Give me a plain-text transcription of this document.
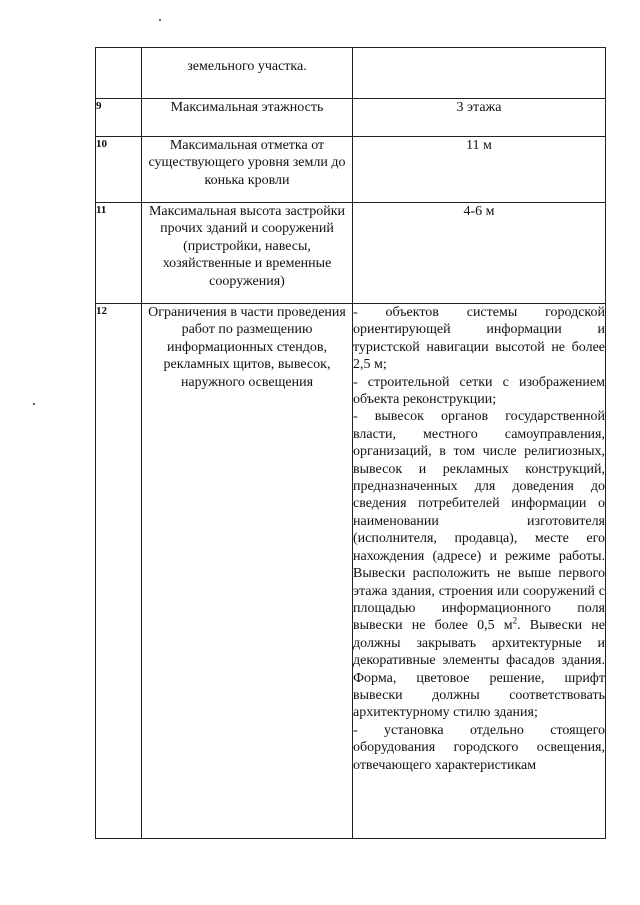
	земельного участка.	
9	Максимальная этажность	3 этажа
10	Максимальная отметка от существующего уровня земли до конька кровли	11 м
11	Максимальная высота застройки прочих зданий и сооружений (пристройки, навесы, хозяйственные и временные сооружения)	4-6 м
12	Ограничения в части проведения работ по размещению информационных стендов, рекламных щитов, вывесок, наружного освещения	- объектов системы городской ориентирующей информации и туристской навигации высотой не более 2,5 м;

- строительной сетки с изображением объекта реконструкции;

- вывесок органов государственной власти, местного самоуправления, организаций, в том числе религиозных, вывесок и рекламных конструкций, предназначенных для доведения до сведения потребителей информации о наименовании изготовителя (исполнителя, продавца), месте его нахождения (адресе) и режиме работы. Вывески расположить не выше первого этажа здания, строения или сооружений с площадью информационного поля вывески не более 0,5 $м^2$. Вывески не должны закрывать архитектурные и декоративные элементы фасадов здания. Форма, цветовое решение, шрифт вывески должны соответствовать архитектурному стилю здания;

- установка отдельно стоящего оборудования городского освещения, отвечающего характеристикам
